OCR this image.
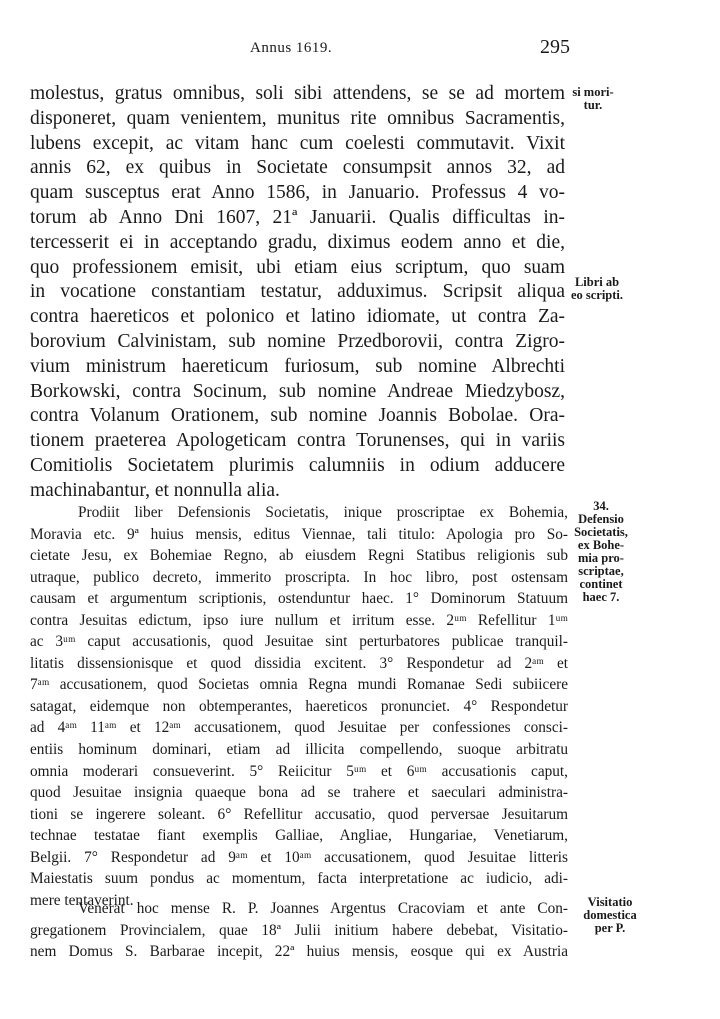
Annus 1619.	295
molestus, gratus omnibus, soli sibi attendens, se se ad mortem
disponeret, quam venientem, munitus rite omnibus Sacramentis,
lubens excepit, ac vitam hanc cum coelesti commutavit. Vixit
annis 62, ex quibus in Societate consumpsit annos 32, ad
quam susceptus erat Anno 1586, in Januario. Professus 4 vo-
torum ab Anno Dni 1607, 21ª Januarii. Qualis difficultas in-
tercesserit ei in acceptando gradu, diximus eodem anno et die,
quo professionem emisit, ubi etiam eius scriptum, quo suam
in vocatione constantiam testatur, adduximus. Scripsit aliqua
contra haereticos et polonico et latino idiomate, ut contra Za-
borovium Calvinistam, sub nomine Przedborovii, contra Zigro-
vium ministrum haereticum furiosum, sub nomine Albrechti
Borkowski, contra Socinum, sub nomine Andreae Miedzybosz,
contra Volanum Orationem, sub nomine Joannis Bobolae. Ora-
tionem praeterea Apologeticam contra Torunenses, qui in variis
Comitiolis Societatem plurimis calumniis in odium adducere
machinabantur, et nonnulla alia.
Prodiit liber Defensionis Societatis, inique proscriptae ex Bohemia,
Moravia etc. 9ª huius mensis, editus Viennae, tali titulo: Apologia pro So-
cietate Jesu, ex Bohemiae Regno, ab eiusdem Regni Statibus religionis sub
utraque, publico decreto, immerito proscripta. In hoc libro, post ostensam
causam et argumentum scriptionis, ostenduntur haec. 1° Dominorum Statuum
contra Jesuitas edictum, ipso iure nullum et irritum esse. 2ᵘᵐ Refellitur 1ᵘᵐ
ac 3ᵘᵐ caput accusationis, quod Jesuitae sint perturbatores publicae tranquil-
litatis dissensionisque et quod dissidia excitent. 3° Respondetur ad 2ᵃᵐ et
7ᵃᵐ accusationem, quod Societas omnia Regna mundi Romanae Sedi subiicere
satagat, eidemque non obtemperantes, haereticos pronunciet. 4° Respondetur
ad 4ᵃᵐ 11ᵃᵐ et 12ᵃᵐ accusationem, quod Jesuitae per confessiones consci-
entiis hominum dominari, etiam ad illicita compellendo, suoque arbitratu
omnia moderari consueverint. 5° Reiicitur 5ᵘᵐ et 6ᵘᵐ accusationis caput,
quod Jesuitae insignia quaeque bona ad se trahere et saeculari administra-
tioni se ingerere soleant. 6° Refellitur accusatio, quod perversae Jesuitarum
technae testatae fiant exemplis Galliae, Angliae, Hungariae, Venetiarum,
Belgii. 7° Respondetur ad 9ᵃᵐ et 10ᵃᵐ accusationem, quod Jesuitae litteris
Maiestatis suum pondus ac momentum, facta interpretatione ac iudicio, adi-
mere tentaverint.
Venerat hoc mense R. P. Joannes Argentus Cracoviam et ante Con-
gregationem Provincialem, quae 18ª Julii initium habere debebat, Visitatio-
nem Domus S. Barbarae incepit, 22ª huius mensis, eosque qui ex Austria
si mori-
tur.
Libri ab
eo scripti.
34.
Defensio
Societatis,
ex Bohe-
mia pro-
scriptae,
continet
haec 7.
Visitatio
domestica
per P.
